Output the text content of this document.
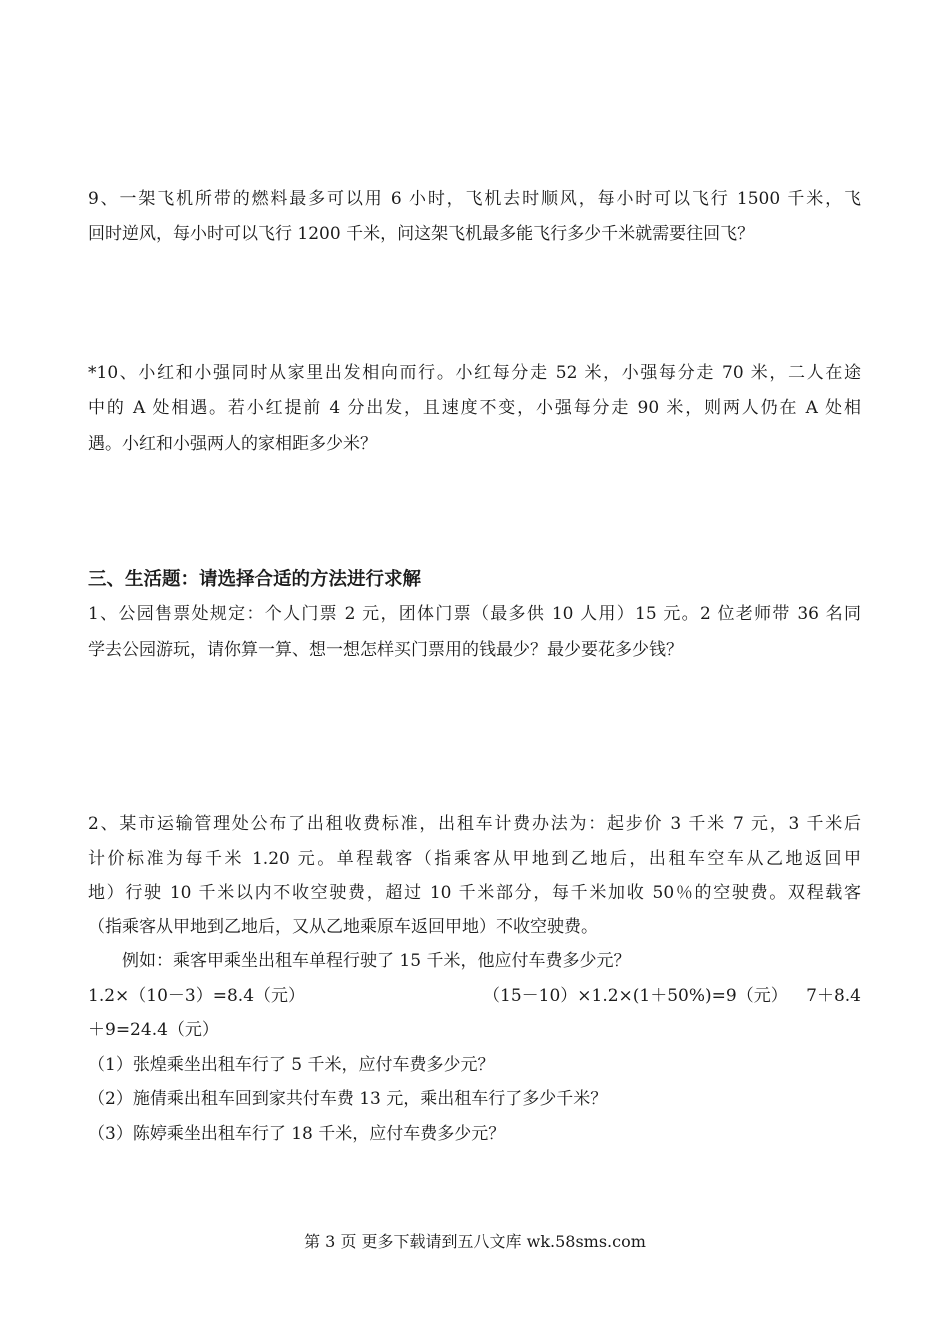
9、一架飞机所带的燃料最多可以用 6 小时，飞机去时顺风，每小时可以飞行 1500 千米，飞
回时逆风，每小时可以飞行 1200 千米，问这架飞机最多能飞行多少千米就需要往回飞？
*10、小红和小强同时从家里出发相向而行。小红每分走 52 米，小强每分走 70 米，二人在途
中的 A 处相遇。若小红提前 4 分出发，且速度不变，小强每分走 90 米，则两人仍在 A 处相
遇。小红和小强两人的家相距多少米？
三、生活题：请选择合适的方法进行求解
1、公园售票处规定：个人门票 2 元，团体门票（最多供 10 人用）15 元。2 位老师带 36 名同
学去公园游玩，请你算一算、想一想怎样买门票用的钱最少？最少要花多少钱？
2、某市运输管理处公布了出租收费标准，出租车计费办法为：起步价 3 千米 7 元，3 千米后
计价标准为每千米 1.20 元。单程载客（指乘客从甲地到乙地后，出租车空车从乙地返回甲
地）行驶 10 千米以内不收空驶费，超过 10 千米部分，每千米加收 50％的空驶费。双程载客
（指乘客从甲地到乙地后，又从乙地乘原车返回甲地）不收空驶费。
例如：乘客甲乘坐出租车单程行驶了 15 千米，他应付车费多少元？
1.2×（10－3）=8.4（元）	（15－10）×1.2×(1＋50%)=9（元） 7＋8.4
＋9=24.4（元）
（1）张煌乘坐出租车行了 5 千米，应付车费多少元？
（2）施倩乘出租车回到家共付车费 13 元，乘出租车行了多少千米？
（3）陈婷乘坐出租车行了 18 千米，应付车费多少元？
第 3 页 更多下载请到五八文库 wk.58sms.com
